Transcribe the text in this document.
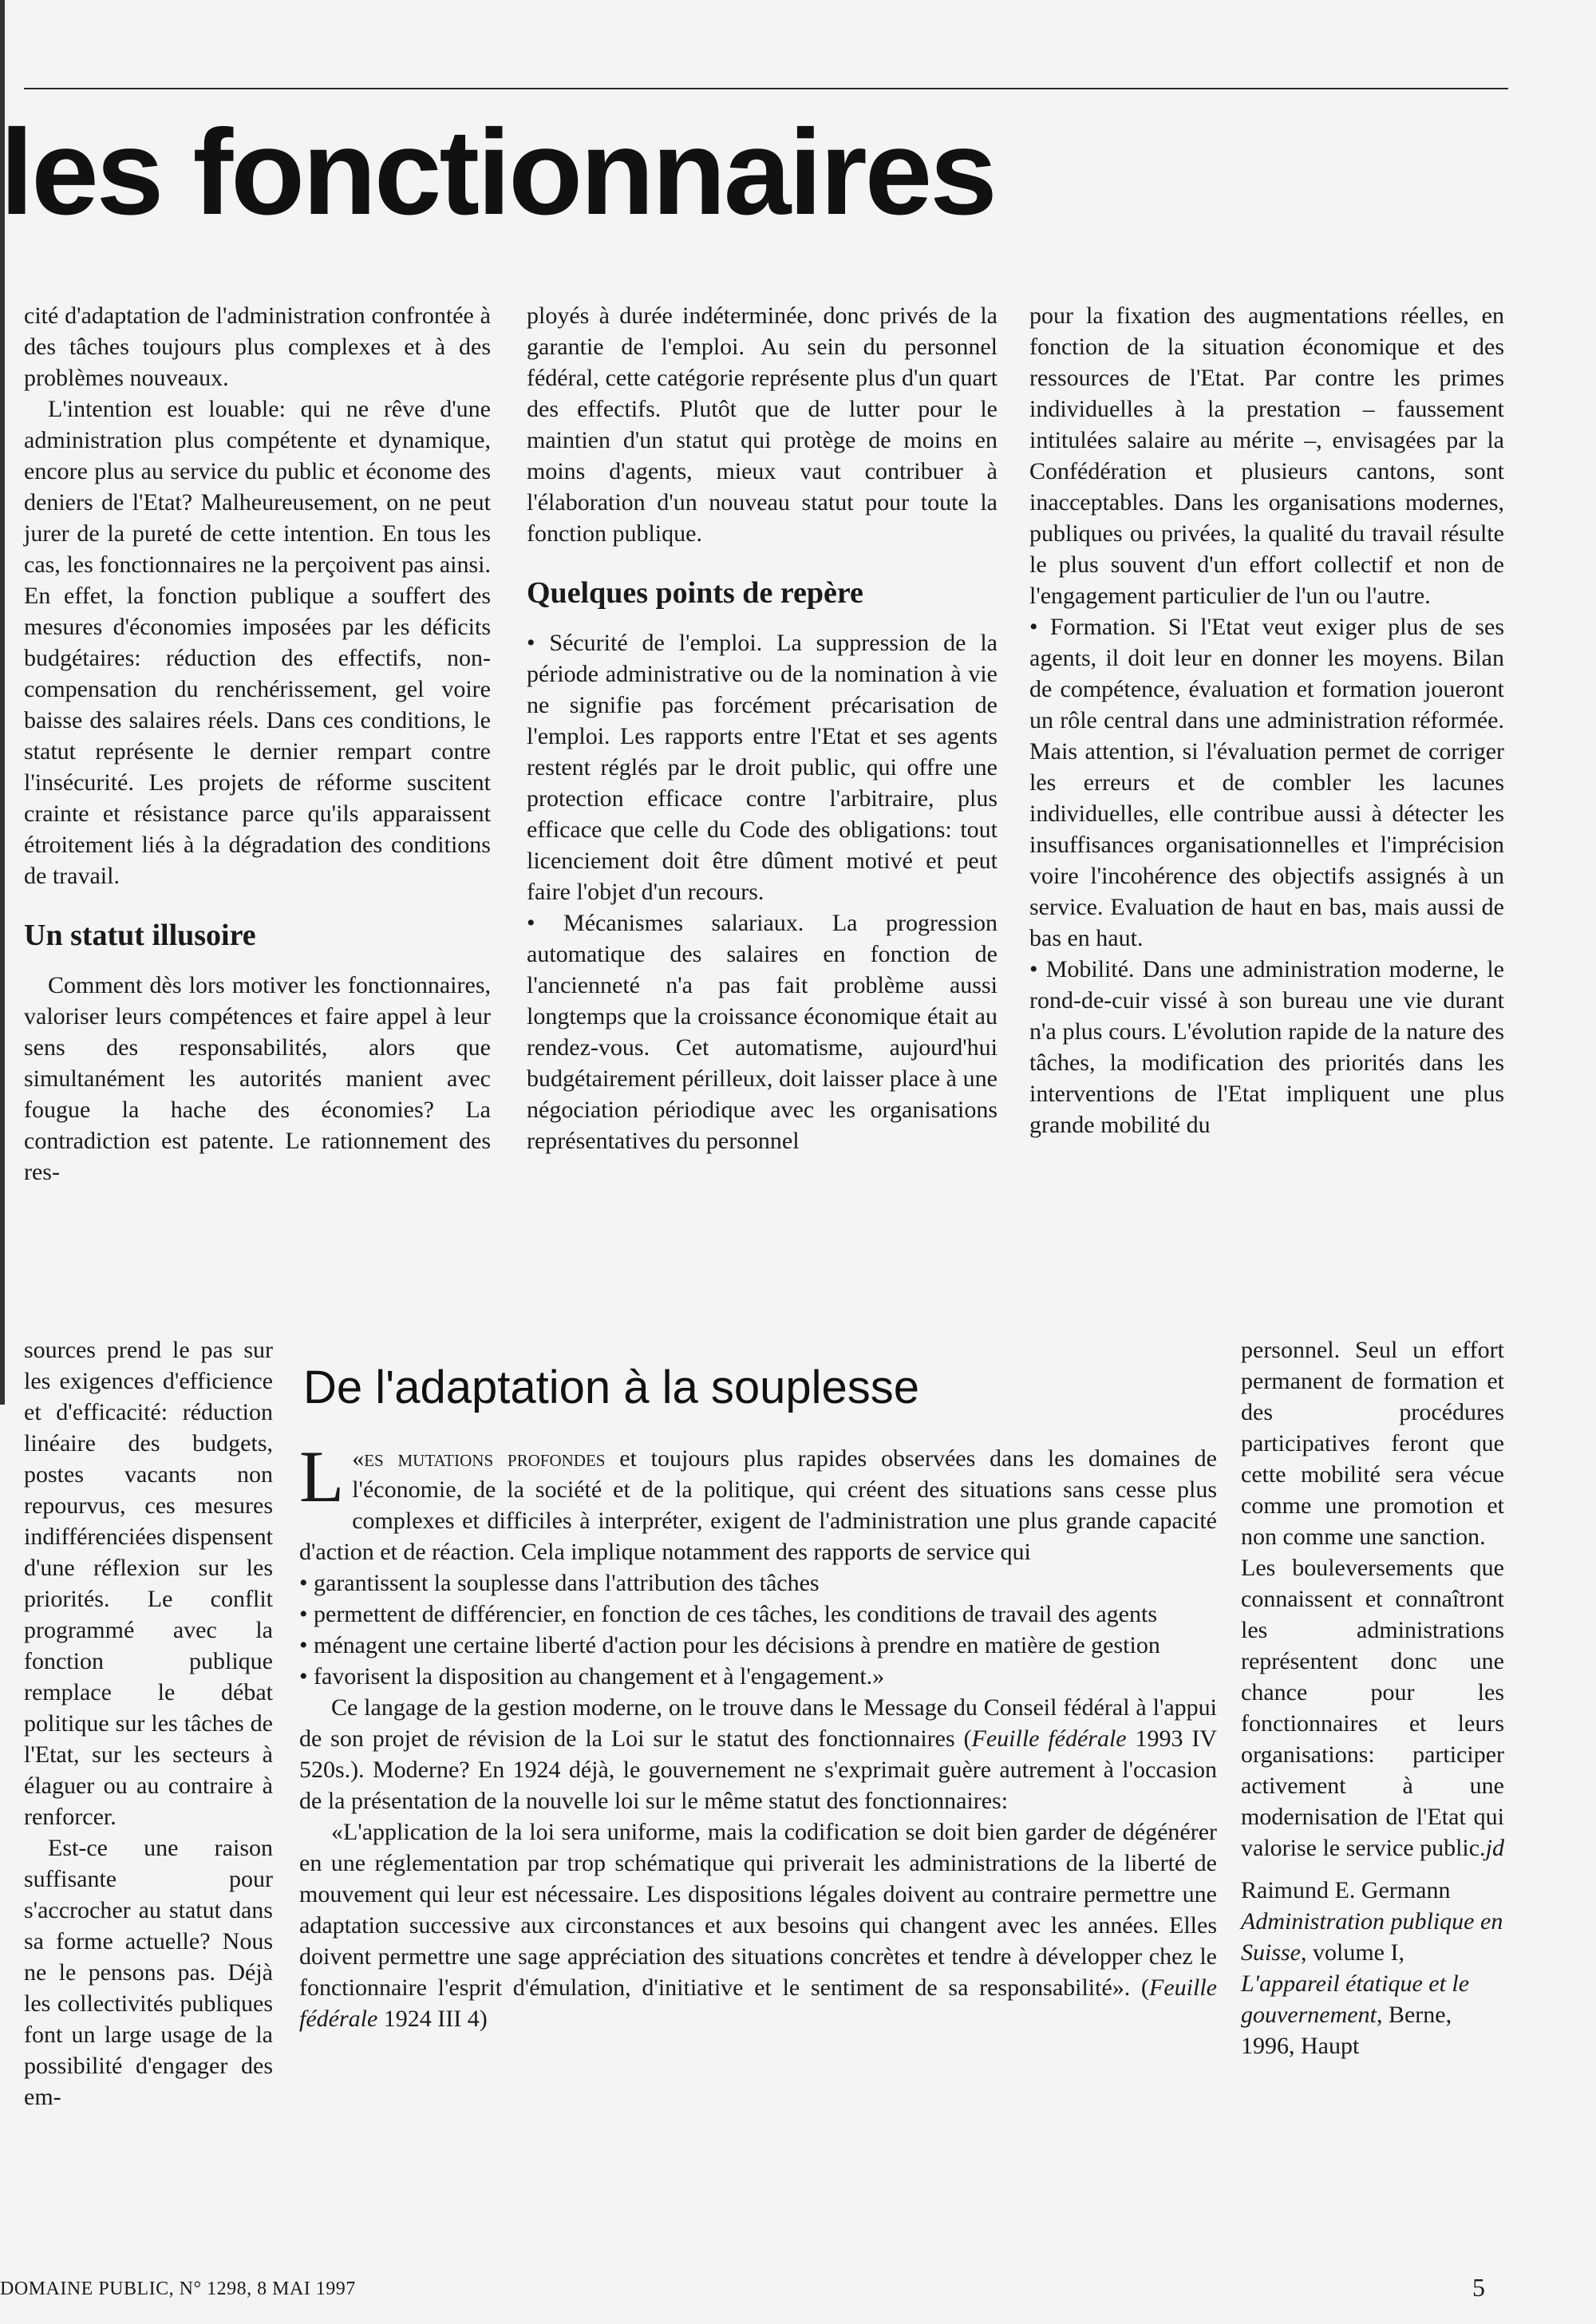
les fonctionnaires

cité d'adaptation de l'administration confrontée à des tâches toujours plus complexes et à des problèmes nouveaux.

L'intention est louable: qui ne rêve d'une administration plus compétente et dynamique, encore plus au service du public et économe des deniers de l'Etat? Malheureusement, on ne peut jurer de la pureté de cette intention. En tous les cas, les fonctionnaires ne la perçoivent pas ainsi. En effet, la fonction publique a souffert des mesures d'économies imposées par les déficits budgétaires: réduction des effectifs, non-compensation du renchérissement, gel voire baisse des salaires réels. Dans ces conditions, le statut représente le dernier rempart contre l'insécurité. Les projets de réforme suscitent crainte et résistance parce qu'ils apparaissent étroitement liés à la dégradation des conditions de travail.

Un statut illusoire

Comment dès lors motiver les fonctionnaires, valoriser leurs compétences et faire appel à leur sens des responsabilités, alors que simultanément les autorités manient avec fougue la hache des économies? La contradiction est patente. Le rationnement des res-

sources prend le pas sur les exigences d'efficience et d'efficacité: réduction linéaire des budgets, postes vacants non repourvus, ces mesures indifférenciées dispensent d'une réflexion sur les priorités. Le conflit programmé avec la fonction publique remplace le débat politique sur les tâches de l'Etat, sur les secteurs à élaguer ou au contraire à renforcer.

Est-ce une raison suffisante pour s'accrocher au statut dans sa forme actuelle? Nous ne le pensons pas. Déjà les collectivités publiques font un large usage de la possibilité d'engager des em-

ployés à durée indéterminée, donc privés de la garantie de l'emploi. Au sein du personnel fédéral, cette catégorie représente plus d'un quart des effectifs. Plutôt que de lutter pour le maintien d'un statut qui protège de moins en moins d'agents, mieux vaut contribuer à l'élaboration d'un nouveau statut pour toute la fonction publique.

Quelques points de repère

• Sécurité de l'emploi. La suppression de la période administrative ou de la nomination à vie ne signifie pas forcément précarisation de l'emploi. Les rapports entre l'Etat et ses agents restent réglés par le droit public, qui offre une protection efficace contre l'arbitraire, plus efficace que celle du Code des obligations: tout licenciement doit être dûment motivé et peut faire l'objet d'un recours.

• Mécanismes salariaux. La progression automatique des salaires en fonction de l'ancienneté n'a pas fait problème aussi longtemps que la croissance économique était au rendez-vous. Cet automatisme, aujourd'hui budgétairement périlleux, doit laisser place à une négociation périodique avec les organisations représentatives du personnel

pour la fixation des augmentations réelles, en fonction de la situation économique et des ressources de l'Etat. Par contre les primes individuelles à la prestation – faussement intitulées salaire au mérite –, envisagées par la Confédération et plusieurs cantons, sont inacceptables. Dans les organisations modernes, publiques ou privées, la qualité du travail résulte le plus souvent d'un effort collectif et non de l'engagement particulier de l'un ou l'autre.

• Formation. Si l'Etat veut exiger plus de ses agents, il doit leur en donner les moyens. Bilan de compétence, évaluation et formation joueront un rôle central dans une administration réformée. Mais attention, si l'évaluation permet de corriger les erreurs et de combler les lacunes individuelles, elle contribue aussi à détecter les insuffisances organisationnelles et l'imprécision voire l'incohérence des objectifs assignés à un service. Evaluation de haut en bas, mais aussi de bas en haut.

• Mobilité. Dans une administration moderne, le rond-de-cuir vissé à son bureau une vie durant n'a plus cours. L'évolution rapide de la nature des tâches, la modification des priorités dans les interventions de l'Etat impliquent une plus grande mobilité du

personnel. Seul un effort permanent de formation et des procédures participatives feront que cette mobilité sera vécue comme une promotion et non comme une sanction.

Les bouleversements que connaissent et connaîtront les administrations représentent donc une chance pour les fonctionnaires et leurs organisations: participer activement à une modernisation de l'Etat qui valorise le service public. jd

Raimund E. Germann Administration publique en Suisse, volume I, L'appareil étatique et le gouvernement, Berne, 1996, Haupt

De l'adaptation à la souplesse

«
L es mutations profondes et toujours plus rapides observées dans les domaines de l'économie, de la société et de la politique, qui créent des situations sans cesse plus complexes et difficiles à interpréter, exigent de l'administration une plus grande capacité d'action et de réaction. Cela implique notamment des rapports de service qui

• garantissent la souplesse dans l'attribution des tâches

• permettent de différencier, en fonction de ces tâches, les conditions de travail des agents

• ménagent une certaine liberté d'action pour les décisions à prendre en matière de gestion

• favorisent la disposition au changement et à l'engagement.»

Ce langage de la gestion moderne, on le trouve dans le Message du Conseil fédéral à l'appui de son projet de révision de la Loi sur le statut des fonctionnaires (Feuille fédérale 1993 IV 520s.). Moderne? En 1924 déjà, le gouvernement ne s'exprimait guère autrement à l'occasion de la présentation de la nouvelle loi sur le même statut des fonctionnaires:

«L'application de la loi sera uniforme, mais la codification se doit bien garder de dégénérer en une réglementation par trop schématique qui priverait les administrations de la liberté de mouvement qui leur est nécessaire. Les dispositions légales doivent au contraire permettre une adaptation successive aux circonstances et aux besoins qui changent avec les années. Elles doivent permettre une sage appréciation des situations concrètes et tendre à développer chez le fonctionnaire l'esprit d'émulation, d'initiative et le sentiment de sa responsabilité». (Feuille fédérale 1924 III 4)

DOMAINE PUBLIC, N° 1298, 8 MAI 1997	5
